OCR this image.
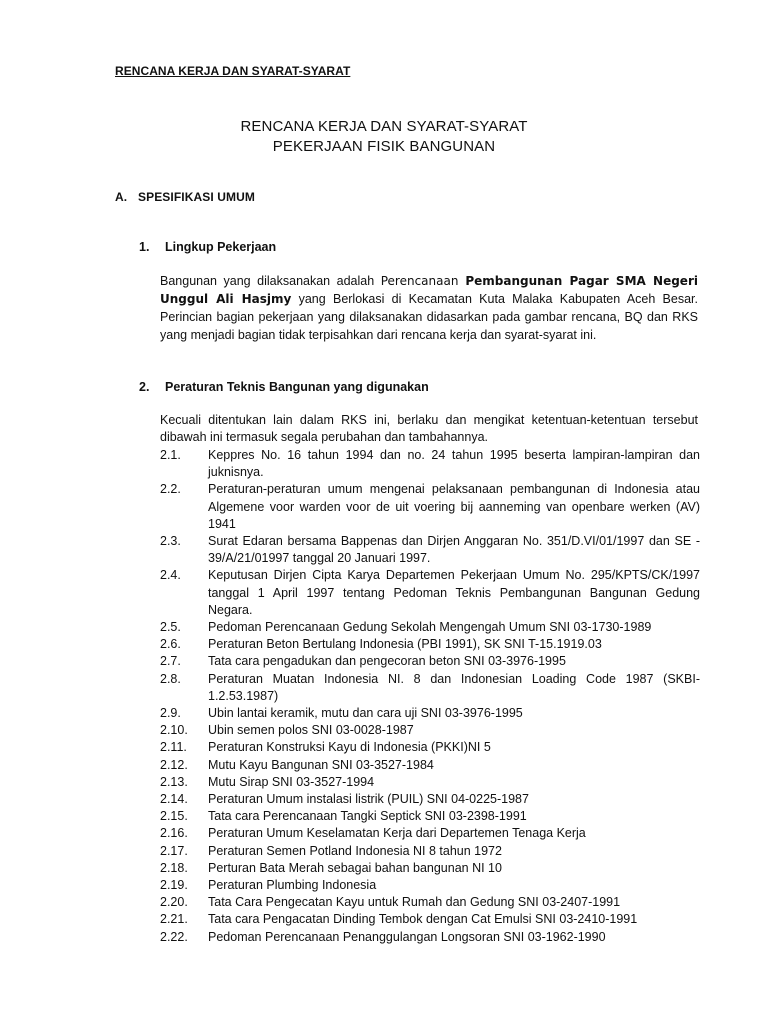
RENCANA KERJA DAN SYARAT-SYARAT
RENCANA KERJA DAN SYARAT-SYARAT
PEKERJAAN FISIK BANGUNAN
A. SPESIFIKASI UMUM
1. Lingkup Pekerjaan
Bangunan yang dilaksanakan adalah Perencanaan Pembangunan Pagar SMA Negeri Unggul Ali Hasjmy yang Berlokasi di Kecamatan Kuta Malaka Kabupaten Aceh Besar. Perincian bagian pekerjaan yang dilaksanakan didasarkan pada gambar rencana, BQ dan RKS yang menjadi bagian tidak terpisahkan dari rencana kerja dan syarat-syarat ini.
2. Peraturan Teknis Bangunan yang digunakan
Kecuali ditentukan lain dalam RKS ini, berlaku dan mengikat ketentuan-ketentuan tersebut dibawah ini termasuk segala perubahan dan tambahannya.
2.1.	Keppres No. 16 tahun 1994 dan no. 24 tahun 1995 beserta lampiran-lampiran dan juknisnya.
2.2.	Peraturan-peraturan umum mengenai pelaksanaan pembangunan di Indonesia atau Algemene voor warden voor de uit voering bij aanneming van openbare werken (AV) 1941
2.3.	Surat Edaran bersama Bappenas dan Dirjen Anggaran No. 351/D.VI/01/1997 dan SE - 39/A/21/01997 tanggal 20 Januari 1997.
2.4.	Keputusan Dirjen Cipta Karya Departemen Pekerjaan Umum No. 295/KPTS/CK/1997 tanggal 1 April 1997 tentang Pedoman Teknis Pembangunan Bangunan Gedung Negara.
2.5.	Pedoman Perencanaan Gedung Sekolah Mengengah Umum SNI 03-1730-1989
2.6.	Peraturan Beton Bertulang Indonesia (PBI 1991), SK SNI T-15.1919.03
2.7.	Tata cara pengadukan dan pengecoran beton SNI 03-3976-1995
2.8.	Peraturan Muatan Indonesia NI. 8 dan Indonesian Loading Code 1987 (SKBI-1.2.53.1987)
2.9.	Ubin lantai keramik, mutu dan cara uji SNI 03-3976-1995
2.10.	Ubin semen polos SNI 03-0028-1987
2.11.	Peraturan Konstruksi Kayu di Indonesia (PKKI)NI 5
2.12.	Mutu Kayu Bangunan SNI 03-3527-1984
2.13.	Mutu Sirap SNI 03-3527-1994
2.14.	Peraturan Umum instalasi listrik (PUIL) SNI 04-0225-1987
2.15.	Tata cara Perencanaan Tangki Septick SNI 03-2398-1991
2.16.	Peraturan Umum Keselamatan Kerja dari Departemen Tenaga Kerja
2.17.	Peraturan Semen Potland Indonesia NI 8 tahun 1972
2.18.	Perturan Bata Merah sebagai bahan bangunan NI 10
2.19.	Peraturan Plumbing Indonesia
2.20.	Tata Cara Pengecatan Kayu untuk Rumah dan Gedung SNI 03-2407-1991
2.21.	Tata cara Pengacatan Dinding Tembok dengan Cat Emulsi SNI 03-2410-1991
2.22.	Pedoman Perencanaan Penanggulangan Longsoran SNI 03-1962-1990
